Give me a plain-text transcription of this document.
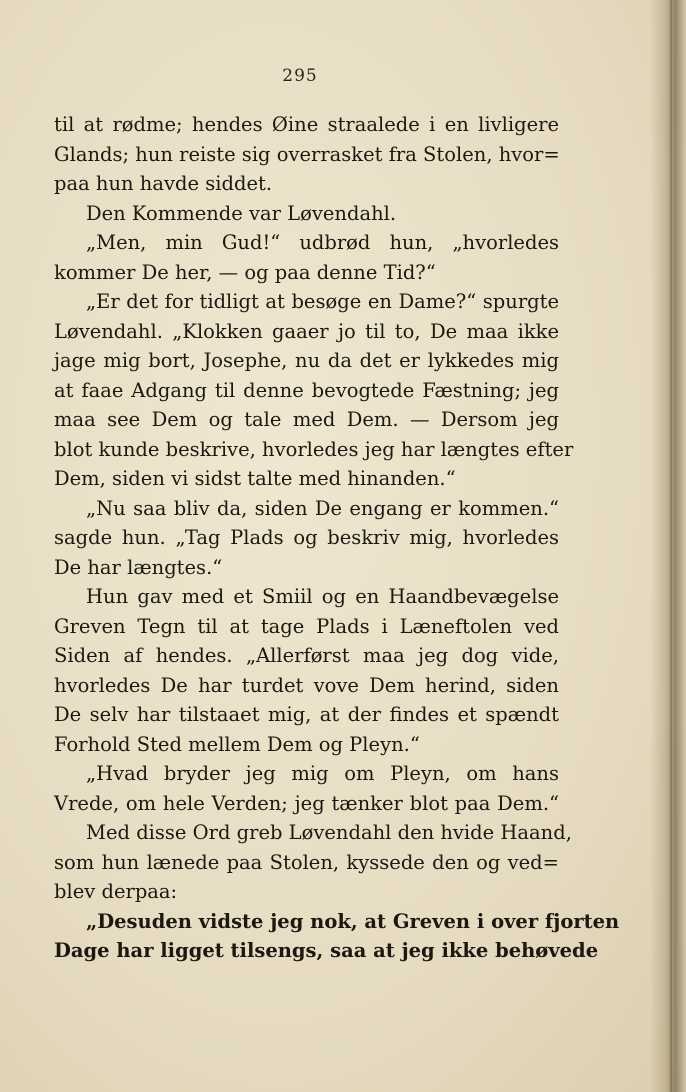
295
til at rødme; hendes Øine straalede i en livligere
Glands; hun reiste sig overrasket fra Stolen, hvor=
paa hun havde siddet.
Den Kommende var Løvendahl.
„Men, min Gud!“ udbrød hun, „hvorledes
kommer De her, — og paa denne Tid?“
„Er det for tidligt at besøge en Dame?“ spurgte
Løvendahl. „Klokken gaaer jo til to, De maa ikke
jage mig bort, Josephe, nu da det er lykkedes mig
at faae Adgang til denne bevogtede Fæstning; jeg
maa see Dem og tale med Dem. — Dersom jeg
blot kunde beskrive, hvorledes jeg har længtes efter
Dem, siden vi sidst talte med hinanden.“
„Nu saa bliv da, siden De engang er kommen.“
sagde hun. „Tag Plads og beskriv mig, hvorledes
De har længtes.“
Hun gav med et Smiil og en Haandbevægelse
Greven Tegn til at tage Plads i Læneftolen ved
Siden af hendes. „Allerførst maa jeg dog vide,
hvorledes De har turdet vove Dem herind, siden
De selv har tilstaaet mig, at der findes et spændt
Forhold Sted mellem Dem og Pleyn.“
„Hvad bryder jeg mig om Pleyn, om hans
Vrede, om hele Verden; jeg tænker blot paa Dem.“
Med disse Ord greb Løvendahl den hvide Haand,
som hun lænede paa Stolen, kyssede den og ved=
blev derpaa:
„Desuden vidste jeg nok, at Greven i over fjorten
Dage har ligget tilsengs, saa at jeg ikke behøvede
